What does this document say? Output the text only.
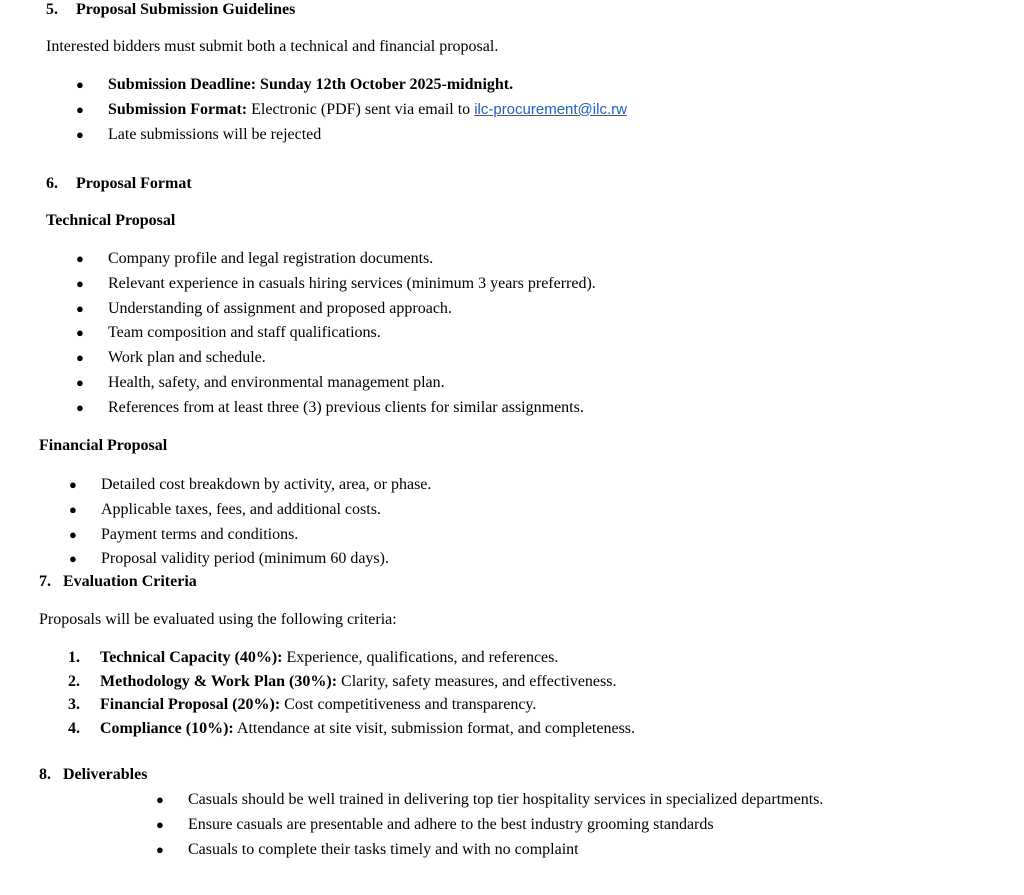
5. Proposal Submission Guidelines
Interested bidders must submit both a technical and financial proposal.
● Submission Deadline: Sunday 12th October 2025-midnight.
● Submission Format: Electronic (PDF) sent via email to ilc-procurement@ilc.rw
● Late submissions will be rejected
6. Proposal Format
Technical Proposal
● Company profile and legal registration documents.
● Relevant experience in casuals hiring services (minimum 3 years preferred).
● Understanding of assignment and proposed approach.
● Team composition and staff qualifications.
● Work plan and schedule.
● Health, safety, and environmental management plan.
● References from at least three (3) previous clients for similar assignments.
Financial Proposal
● Detailed cost breakdown by activity, area, or phase.
● Applicable taxes, fees, and additional costs.
● Payment terms and conditions.
● Proposal validity period (minimum 60 days).
7. Evaluation Criteria
Proposals will be evaluated using the following criteria:
1. Technical Capacity (40%): Experience, qualifications, and references.
2. Methodology & Work Plan (30%): Clarity, safety measures, and effectiveness.
3. Financial Proposal (20%): Cost competitiveness and transparency.
4. Compliance (10%): Attendance at site visit, submission format, and completeness.
8. Deliverables
● Casuals should be well trained in delivering top tier hospitality services in specialized departments.
● Ensure casuals are presentable and adhere to the best industry grooming standards
● Casuals to complete their tasks timely and with no complaint
